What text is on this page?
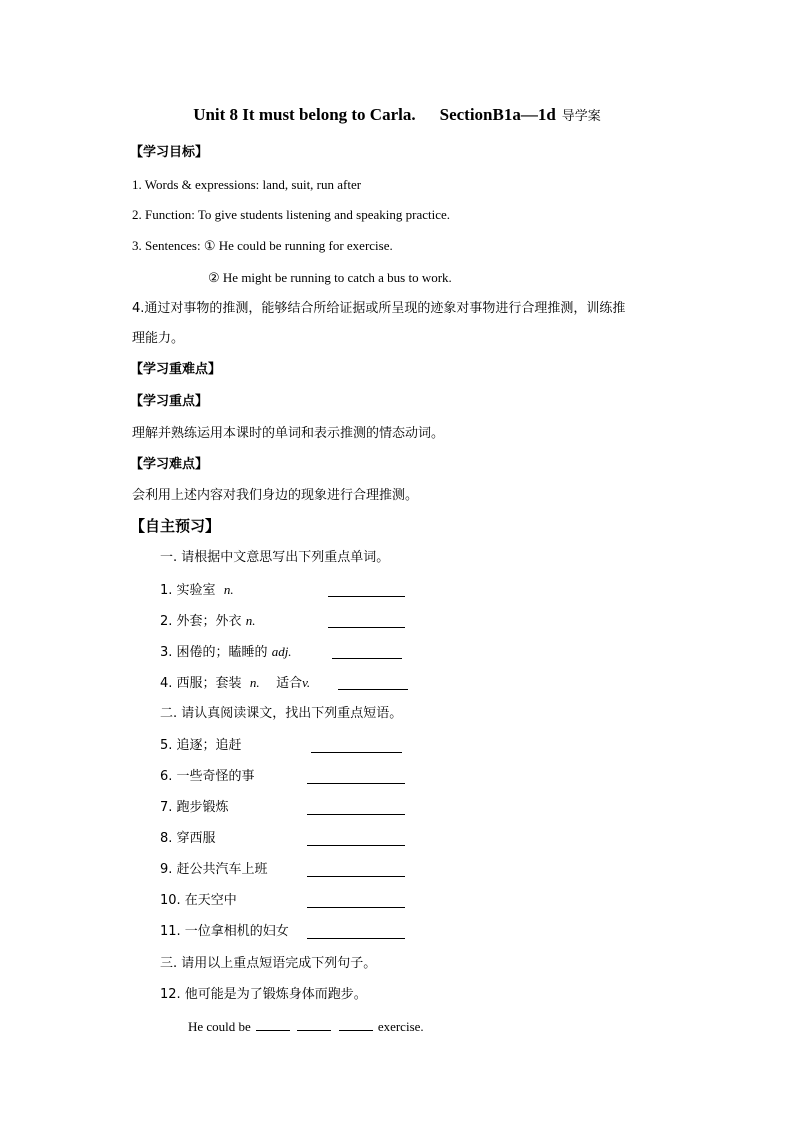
Unit 8 It must belong to Carla. SectionB1a—1d 导学案
【学习目标】
1. Words & expressions: land, suit, run after
2. Function: To give students listening and speaking practice.
3. Sentences: ① He could be running for exercise.
② He might be running to catch a bus to work.
4.通过对事物的推测，能够结合所给证据或所呈现的迹象对事物进行合理推测，训练推
理能力。
【学习重难点】
【学习重点】
理解并熟练运用本课时的单词和表示推测的情态动词。
【学习难点】
会利用上述内容对我们身边的现象进行合理推测。
【自主预习】
一. 请根据中文意思写出下列重点单词。
1. 实验室 n.
2. 外套；外衣 n.
3. 困倦的；瞌睡的 adj.
4. 西服；套装 n. 适合v.
二. 请认真阅读课文，找出下列重点短语。
5. 追逐；追赶
6. 一些奇怪的事
7. 跑步锻炼
8. 穿西服
9. 赶公共汽车上班
10. 在天空中
11. 一位拿相机的妇女
三. 请用以上重点短语完成下列句子。
12. 他可能是为了锻炼身体而跑步。
He could be	exercise.
